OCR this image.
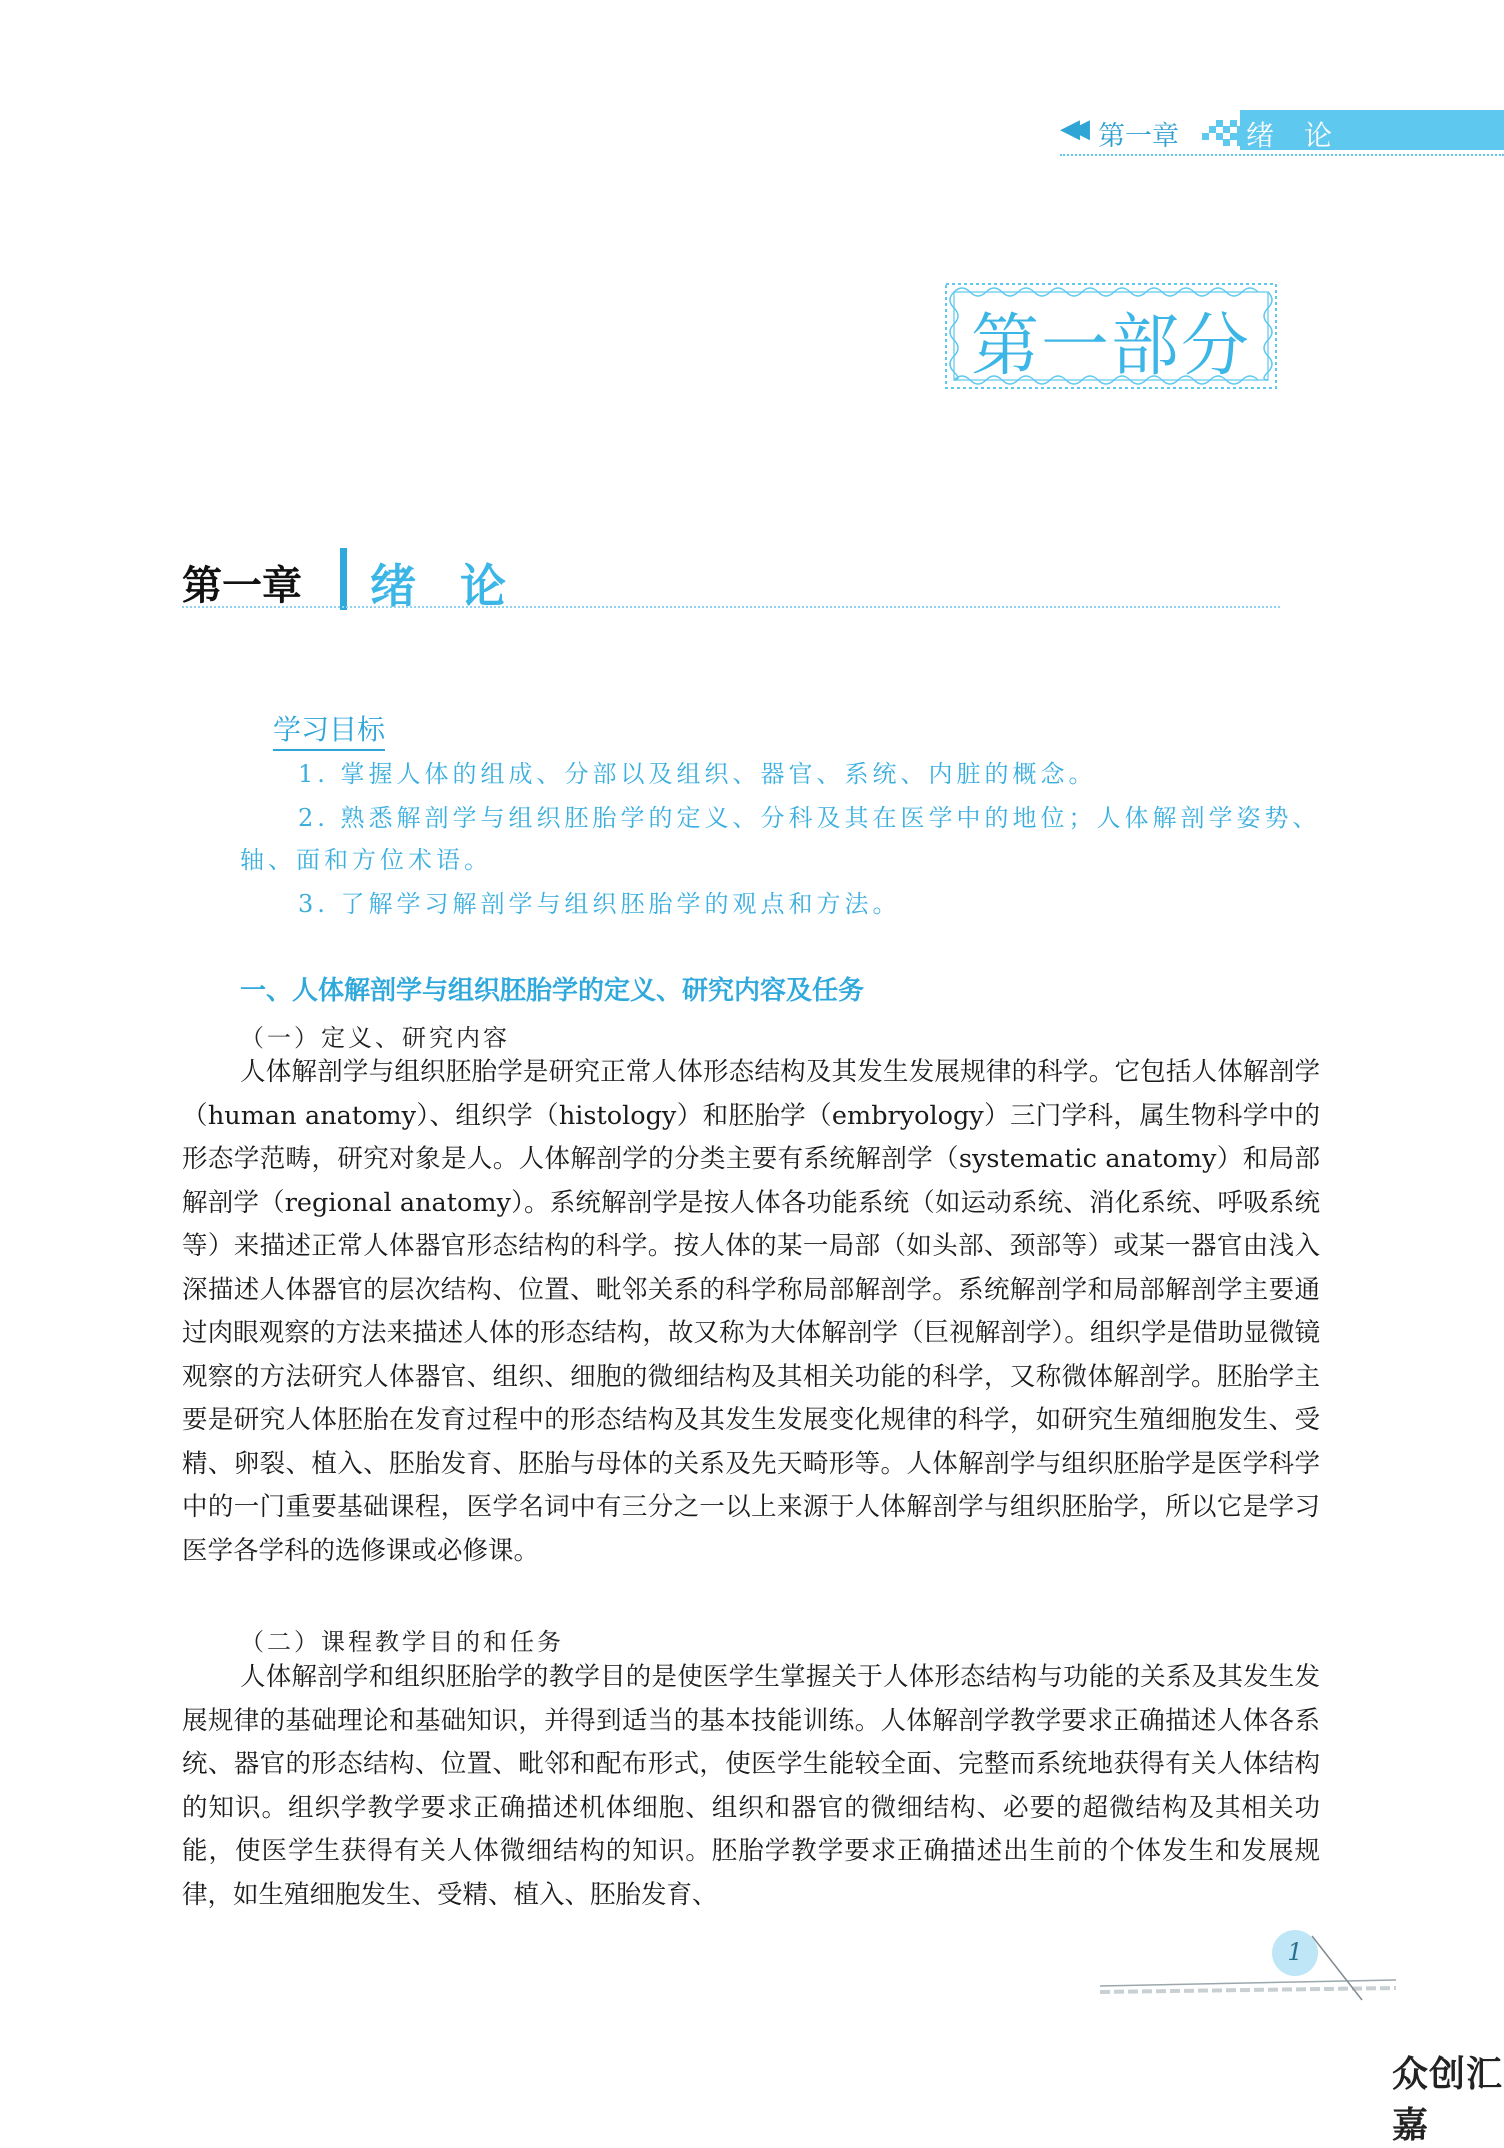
◀◀ 第一章 绪论
第一部分
第一章 绪论
学习目标
1. 掌握人体的组成、分部以及组织、器官、系统、内脏的概念。
2. 熟悉解剖学与组织胚胎学的定义、分科及其在医学中的地位；人体解剖学姿势、
轴、面和方位术语。
3. 了解学习解剖学与组织胚胎学的观点和方法。
一、人体解剖学与组织胚胎学的定义、研究内容及任务
（一）定义、研究内容

人体解剖学与组织胚胎学是研究正常人体形态结构及其发生发展规律的科学。它包括人体解剖学（human anatomy）、组织学（histology）和胚胎学（embryology）三门学科，属生物科学中的形态学范畴，研究对象是人。人体解剖学的分类主要有系统解剖学（systematic anatomy）和局部解剖学（regional anatomy）。系统解剖学是按人体各功能系统（如运动系统、消化系统、呼吸系统等）来描述正常人体器官形态结构的科学。按人体的某一局部（如头部、颈部等）或某一器官由浅入深描述人体器官的层次结构、位置、毗邻关系的科学称局部解剖学。系统解剖学和局部解剖学主要通过肉眼观察的方法来描述人体的形态结构，故又称为大体解剖学（巨视解剖学）。组织学是借助显微镜观察的方法研究人体器官、组织、细胞的微细结构及其相关功能的科学，又称微体解剖学。胚胎学主要是研究人体胚胎在发育过程中的形态结构及其发生发展变化规律的科学，如研究生殖细胞发生、受精、卵裂、植入、胚胎发育、胚胎与母体的关系及先天畸形等。人体解剖学与组织胚胎学是医学科学中的一门重要基础课程，医学名词中有三分之一以上来源于人体解剖学与组织胚胎学，所以它是学习医学各学科的选修课或必修课。

（二）课程教学目的和任务

人体解剖学和组织胚胎学的教学目的是使医学生掌握关于人体形态结构与功能的关系及其发生发展规律的基础理论和基础知识，并得到适当的基本技能训练。人体解剖学教学要求正确描述人体各系统、器官的形态结构、位置、毗邻和配布形式，使医学生能较全面、完整而系统地获得有关人体结构的知识。组织学教学要求正确描述机体细胞、组织和器官的微细结构、必要的超微结构及其相关功能，使医学生获得有关人体微细结构的知识。胚胎学教学要求正确描述出生前的个体发生和发展规律，如生殖细胞发生、受精、植入、胚胎发育、

1
众创汇嘉
